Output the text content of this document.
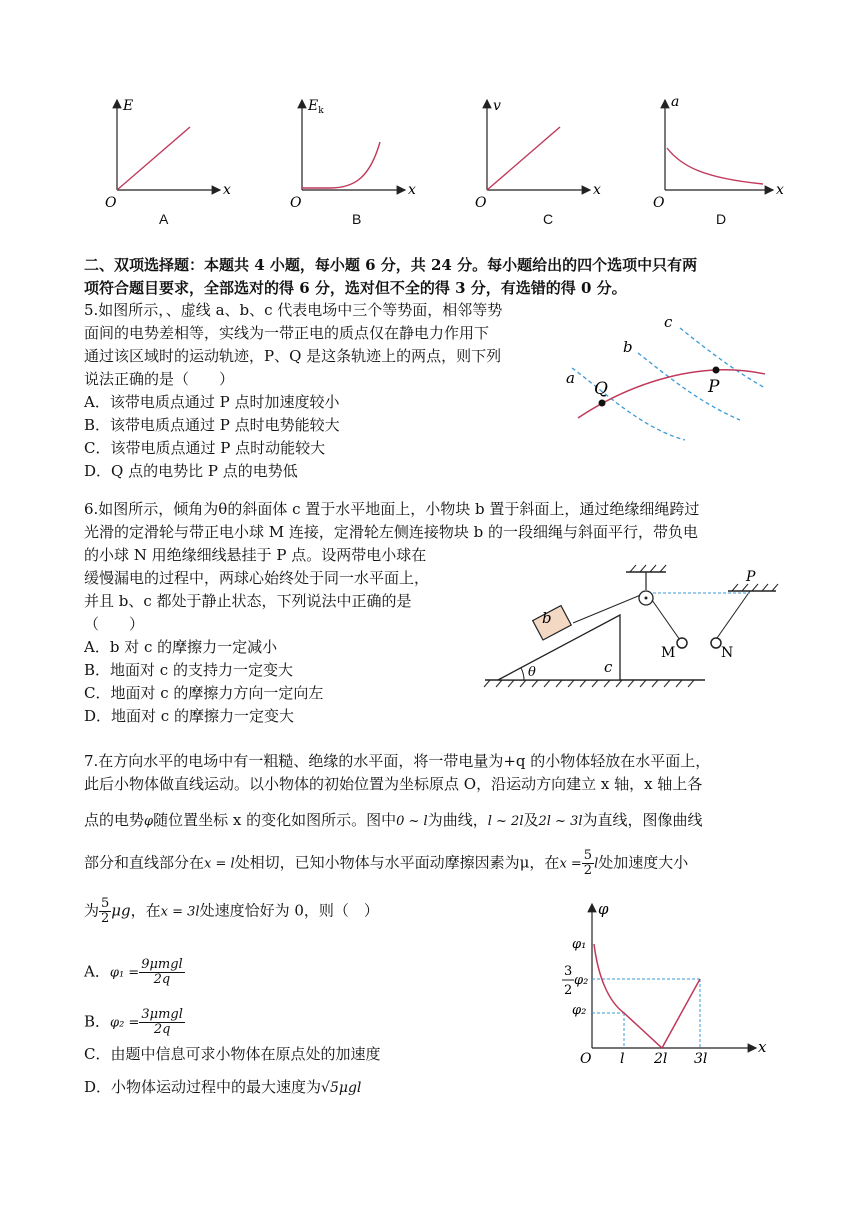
E
x
O
$E_k$
x
O
v
x
O
a
x
O
A	B	C	D
二、双项选择题：本题共 4 小题，每小题 6 分，共 24 分。每小题给出的四个选项中只有两
项符合题目要求，全部选对的得 6 分，选对但不全的得 3 分，有选错的得 0 分。
5.如图所示，、虚线 a、b、c 代表电场中三个等势面，相邻等势
面间的电势差相等，实线为一带正电的质点仅在静电力作用下
通过该区域时的运动轨迹，P、Q 是这条轨迹上的两点，则下列
说法正确的是（　　）
A．该带电质点通过 P 点时加速度较小
B．该带电质点通过 P 点时电势能较大
C．该带电质点通过 P 点时动能较大
D．Q 点的电势比 P 点的电势低
a
b
c
Q	P
6.如图所示，倾角为θ的斜面体 c 置于水平地面上，小物块 b 置于斜面上，通过绝缘细绳跨过
光滑的定滑轮与带正电小球 M 连接，定滑轮左侧连接物块 b 的一段细绳与斜面平行，带负电
的小球 N 用绝缘细线悬挂于 P 点。设两带电小球在
缓慢漏电的过程中，两球心始终处于同一水平面上，
并且 b、c 都处于静止状态，下列说法中正确的是
（　　）
A．b 对 c 的摩擦力一定减小
B．地面对 c 的支持力一定变大
C．地面对 c 的摩擦力方向一定向左
D．地面对 c 的摩擦力一定变大
b
c
θ
M	N
P
7.在方向水平的电场中有一粗糙、绝缘的水平面，将一带电量为+q 的小物体轻放在水平面上，
此后小物体做直线运动。以小物体的初始位置为坐标原点 O，沿运动方向建立 x 轴，x 轴上各
点的电势φ随位置坐标 x 的变化如图所示。图中0 ~ l为曲线，l ~ 2l及2l ~ 3l为直线，图像曲线
部分和直线部分在x = l处相切，已知小物体与水平面动摩擦因素为μ，在$x = \frac{5}{2}$ l处加速度大小
为 $\frac{5}{2}$ μg，在x = 3l处速度恰好为 0，则（　）
A．$\varphi_1 = \frac{\text{9μmgl}}{2q}$
B．$\varphi_2 = \frac{\text{3μmgl}}{2q}$
C．由题中信息可求小物体在原点处的加速度
D．小物体运动过程中的最大速度为√5μgl
φ
φ₁
3
2
φ₂
φ₂
O l 2l 3l
x
